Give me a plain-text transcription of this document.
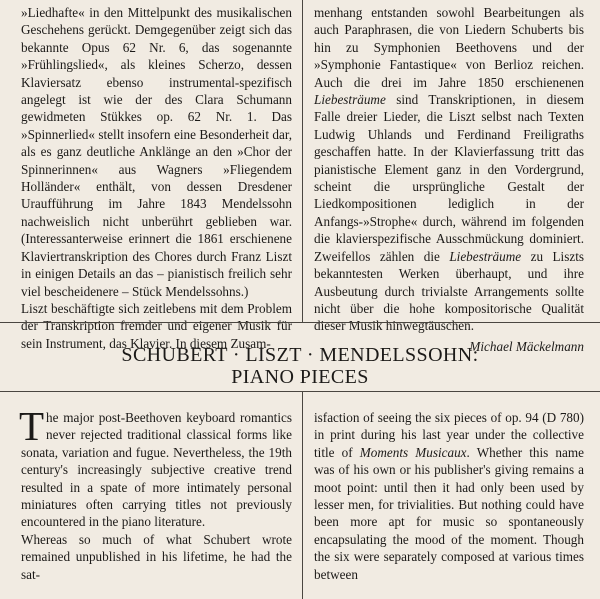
»Liedhafte« in den Mittelpunkt des musikalischen Geschehens gerückt. Demgegenüber zeigt sich das bekannte Opus 62 Nr. 6, das sogenannte »Frühlingslied«, als kleines Scherzo, dessen Klaviersatz ebenso instrumental-spezifisch angelegt ist wie der des Clara Schumann gewidmeten Stükkes op. 62 Nr. 1. Das »Spinnerlied« stellt insofern eine Besonderheit dar, als es ganz deutliche Anklänge an den »Chor der Spinnerinnen« aus Wagners »Fliegendem Holländer« enthält, von dessen Dresdener Uraufführung im Jahre 1843 Mendelssohn nachweislich nicht unberührt geblieben war. (Interessanterweise erinnert die 1861 erschienene Klaviertranskription des Chores durch Franz Liszt in einigen Details an das – pianistisch freilich sehr viel bescheidenere – Stück Mendelssohns.)

Liszt beschäftigte sich zeitlebens mit dem Problem der Transkription fremder und eigener Musik für sein Instrument, das Klavier. In diesem Zusam-

menhang entstanden sowohl Bearbeitungen als auch Paraphrasen, die von Liedern Schuberts bis hin zu Symphonien Beethovens und der »Symphonie Fantastique« von Berlioz reichen. Auch die drei im Jahre 1850 erschienenen Liebesträume sind Transkriptionen, in diesem Falle dreier Lieder, die Liszt selbst nach Texten Ludwig Uhlands und Ferdinand Freiligraths geschaffen hatte. In der Klavierfassung tritt das pianistische Element ganz in den Vordergrund, scheint die ursprüngliche Gestalt der Liedkompositionen lediglich in der Anfangs-»Strophe« durch, während im folgenden die klavierspezifische Ausschmückung dominiert. Zweifellos zählen die Liebesträume zu Liszts bekanntesten Werken überhaupt, und ihre Ausbeutung durch trivialste Arrangements sollte nicht über die hohe kompositorische Qualität dieser Musik hinwegtäuschen.

Michael Mäckelmann

SCHUBERT · LISZT · MENDELSSOHN:
PIANO PIECES

The major post-Beethoven keyboard romantics never rejected traditional classical forms like sonata, variation and fugue. Nevertheless, the 19th century's increasingly subjective creative trend resulted in a spate of more intimately personal miniatures often carrying titles not previously encountered in the piano literature.

Whereas so much of what Schubert wrote remained unpublished in his lifetime, he had the sat-

isfaction of seeing the six pieces of op. 94 (D 780) in print during his last year under the collective title of Moments Musicaux. Whether this name was of his own or his publisher's giving remains a moot point: until then it had only been used by lesser men, for trivialities. But nothing could have been more apt for music so spontaneously encapsulating the mood of the moment. Though the six were separately composed at various times between
